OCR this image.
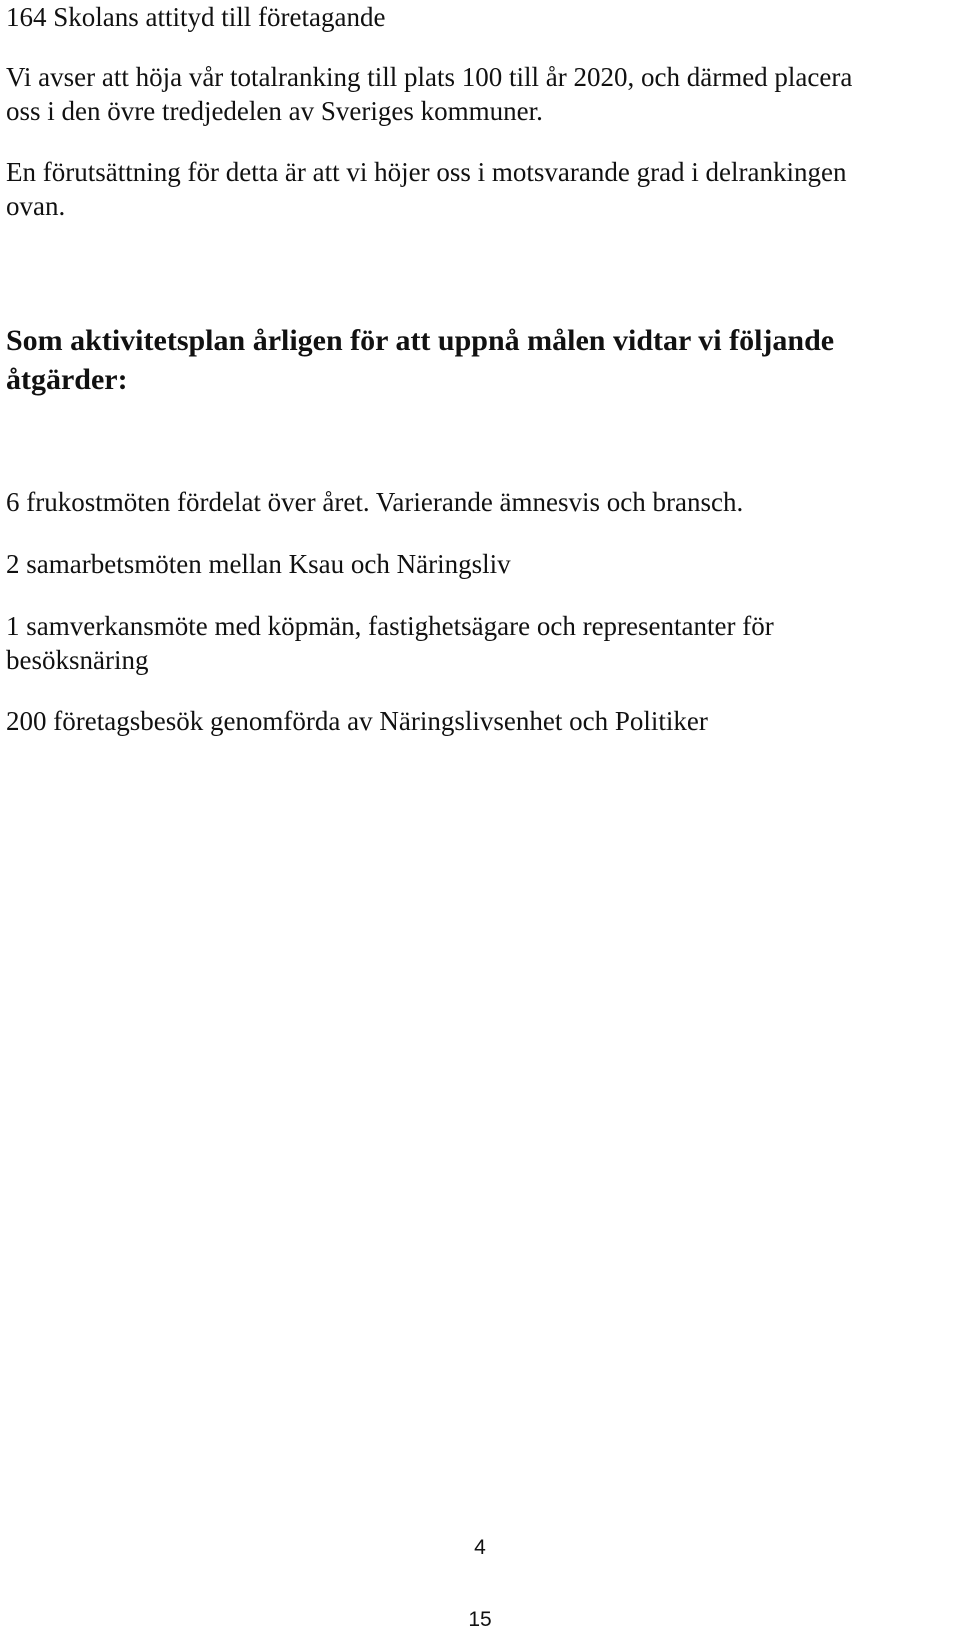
164 Skolans attityd till företagande

Vi avser att höja vår totalranking till plats 100 till år 2020, och därmed placera

oss i den övre tredjedelen av Sveriges kommuner.

En förutsättning för detta är att vi höjer oss i motsvarande grad i delrankingen

ovan.

Som aktivitetsplan årligen för att uppnå målen vidtar vi följande
åtgärder:

6 frukostmöten fördelat över året. Varierande ämnesvis och bransch.

2 samarbetsmöten mellan Ksau och Näringsliv

1 samverkansmöte med köpmän, fastighetsägare och representanter för

besöksnäring

200 företagsbesök genomförda av Näringslivsenhet och Politiker

4

15
